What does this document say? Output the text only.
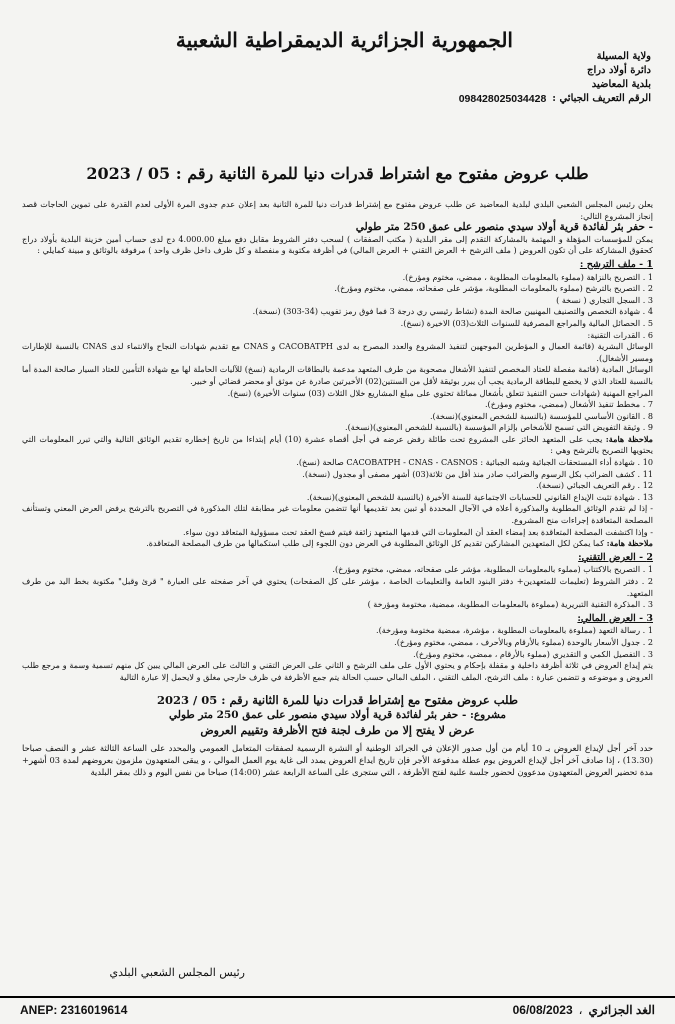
الجمهورية الجزائرية الديمقراطية الشعبية
ولاية المسيلة
دائرة أولاد دراج
بلدية المعاضيد
الرقم التعريف الجبائي :
09842802503442​8
طلب عروض مفتوح مع اشتراط قدرات دنيا للمرة الثانية رقم : 05 / 2023

يعلن رئيس المجلس الشعبي البلدي لبلدية المعاضيد عن طلب عروض مفتوح مع إشتراط قدرات دنيا للمرة الثانية بعد إعلان عدم جدوى المرة الأولى لعدم القدرة على تموين الحاجات قصد إنجاز المشروع التالي:

- حفر بئر لفائدة قرية أولاد سيدي منصور على عمق 250 متر طولي

يمكن للمؤسسات المؤهلة و المهتمة بالمشاركة التقدم إلى مقر البلدية ( مكتب الصفقات ) لسحب دفتر الشروط مقابل دفع مبلغ 4.000.00 دج لدى حساب أمين خزينة البلدية بأولاد دراج كحقوق المشاركة على أن تكون العروض ( ملف الترشح + العرض التقني + العرض المالي) في أظرفة مكتوبة و منفصلة و كل ظرف داخل ظرف واحد ) مرفوقة بالوثائق و مبينة كمايلي :

1 - ملف الترشح :
1 . التصريح بالنزاهة (مملوء بالمعلومات المطلوبة ، ممضي، مختوم ومؤرخ).
2 . التصريح بالترشح (مملوء بالمعلومات المطلوبة، مؤشر على صفحاته، ممضي، مختوم ومؤرخ).
3 . السجل التجاري ( نسخة )
4 . شهادة التخصص والتصنيف المهنيين صالحة المدة (نشاط رئيسي ري درجة 3 فما فوق رمز تفويب (34-303) (نسخة).
5 . الحصائل المالية والمراجع المصرفية للسنوات الثلاث(03) الاخيرة (نسخ).
6 . القدرات التقنية:
الوسائل البشرية (قائمة العمال و المؤطرين الموجهين لتنفيذ المشروع والعدد المصرح به لدى CACOBATPH و CNAS مع تقديم شهادات النجاح والانتماء لدى CNAS بالنسبة للإطارات ومسير الأشغال).
الوسائل المادية (قائمة مفصلة للعتاد المخصص لتنفيذ الأشغال مصحوبة من طرف المتعهد مدعمة بالبطاقات الرمادية (نسخ) للآليات الحاملة لها مع شهادة التأمين للعتاد السيار صالحة المدة أما بالنسبة للعتاد الذي لا يخضع للبطاقة الرمادية يجب أن يبرر بوثيقة لأقل من السنتين(02) الأخيرتين صادرة عن موثق أو محضر قضائي أو خبير.
المراجع المهنية (شهادات حسن التنفيذ تتعلق بأشغال مماثلة تحتوي على مبلغ المشاريع خلال الثلاث (03) سنوات الأخيرة) (نسخ).
7 . مخطط تنفيذ الأشغال (ممضي، مختوم ومؤرخ).
8 . القانون الأساسي للمؤسسة (بالنسبة للشخص المعنوي)(نسخة).
9 . وثيقة التفويض التي تسمح للأشخاص بإلزام المؤسسة (بالنسبة للشخص المعنوي)(نسخة).

ملاحظة هامة: يجب على المتعهد الحائز على المشروع تحت طائلة رفض عرضه في أجل أقصاه عشرة (10) أيام إبتداءا من تاريخ إخطاره تقديم الوثائق التالية والتي تبرر المعلومات التي يحتويها التصريح بالترشح وهي :

10 . شهادة أداء المستحقات الجبائية وشبه الجبائية : CACOBATPH - CNAS - CASNOS صالحة (نسخ).
11 . كشف الضرائب بكل الرسوم والضرائب صادر منذ أقل من ثلاثة(03) أشهر مصفى أو مجدول (نسخة).
12 . رقم التعريف الجبائي (نسخة).
13 . شهادة تثبت الإيداع القانوني للحسابات الاجتماعية للسنة الأخيرة (بالنسبة للشخص المعنوي)(نسخة).

- إذا لم تقدم الوثائق المطلوبة والمذكورة أعلاه في الآجال المحددة أو تبين بعد تقديمها أنها تتضمن معلومات غير مطابقة لتلك المذكورة في التصريح بالترشح يرفض العرض المعني وتستأنف المصلحة المتعاقدة إجراءات منح المشروع.

- وإذا اكتشفت المصلحة المتعاقدة بعد إمضاء العقد أن المعلومات التي قدمها المتعهد زائفة فيتم فسخ العقد تحت مسؤولية المتعاقد دون سواء.

ملاحظة هامة: كما يمكن لكل المتعهدين المشاركين تقديم كل الوثائق المطلوبة في العرض دون اللجوء إلى طلب استكمالها من طرف المصلحة المتعاقدة.

2 - العرض التقني:
1 . التصريح بالاكتتاب (مملوء بالمعلومات المطلوبة، مؤشر على صفحاته، ممضي، مختوم ومؤرخ).
2 . دفتر الشروط (تعليمات للمتعهدين+ دفتر البنود العامة والتعليمات الخاصة ، مؤشر على كل الصفحات) يحتوي في آخر صفحته على العبارة " قرئ وقبل" مكتوبة بخط اليد من طرف المتعهد.
3 . المذكرة التقنية التبريرية (مملوءة بالمعلومات المطلوبة، ممضية، مختومة ومؤرخة )
3 - العرض المالي:
1 . رسالة التعهد (مملوءة بالمعلومات المطلوبة ، مؤشرة، ممضية مختومة ومؤرخة).
2 . جدول الأسعار بالوحدة (مملوء بالأرقام وبالأحرف ، ممضي، مختوم ومؤرخ).
3 . التفصيل الكمي و التقديري (مملوء بالأرقام ، ممضي، مختوم ومؤرخ).

يتم إيداع العروض في ثلاثة أظرفة داخلية و مقفلة بإحكام و يحتوي الأول على ملف الترشح و الثاني على العرض التقني و الثالث على العرض المالي يبين كل منهم تسمية وسمة و مرجع طلب العروض و موضوعه و تتضمن عبارة : ملف الترشح، الملف التقني ، الملف المالي حسب الحالة يتم جمع الأظرفة في ظرف خارجي مغلق و لايحمل إلا عبارة التالية

طلب عروض مفتوح مع إشتراط قدرات دنيا للمرة الثانية رقم : 05 / 2023
مشروع: - حفر بئر لفائدة قرية أولاد سيدي منصور على عمق 250 متر طولي
عرض لا يفتح إلا من طرف لجنة فتح الأظرفة وتقييم العروض

حدد آخر أجل لإيداع العروض بـ 10 أيام من أول صدور الإعلان في الجرائد الوطنية أو النشرة الرسمية لصفقات المتعامل العمومي والمحدد على الساعة الثالثة عشر و النصف صباحا (13.30) ، إذا صادف آخر أجل لإيداع العروض يوم عطلة مدفوعة الأجر فإن تاريخ ايداع العروض يمدد الى غاية يوم العمل الموالي ، و يبقى المتعهدون ملزمون بعروضهم لمدة 03 أشهر+ مدة تحضير العروض المتعهدون مدعوون لحضور جلسة علنية لفتح الأظرفة ، التي ستجرى على الساعة الرابعة عشر (14:00) صباحا من نفس اليوم و ذلك بمقر البلدية

رئيس المجلس الشعبي البلدي
ANEP: 2316019614	الغد الجزائري
،
06/08/2023
